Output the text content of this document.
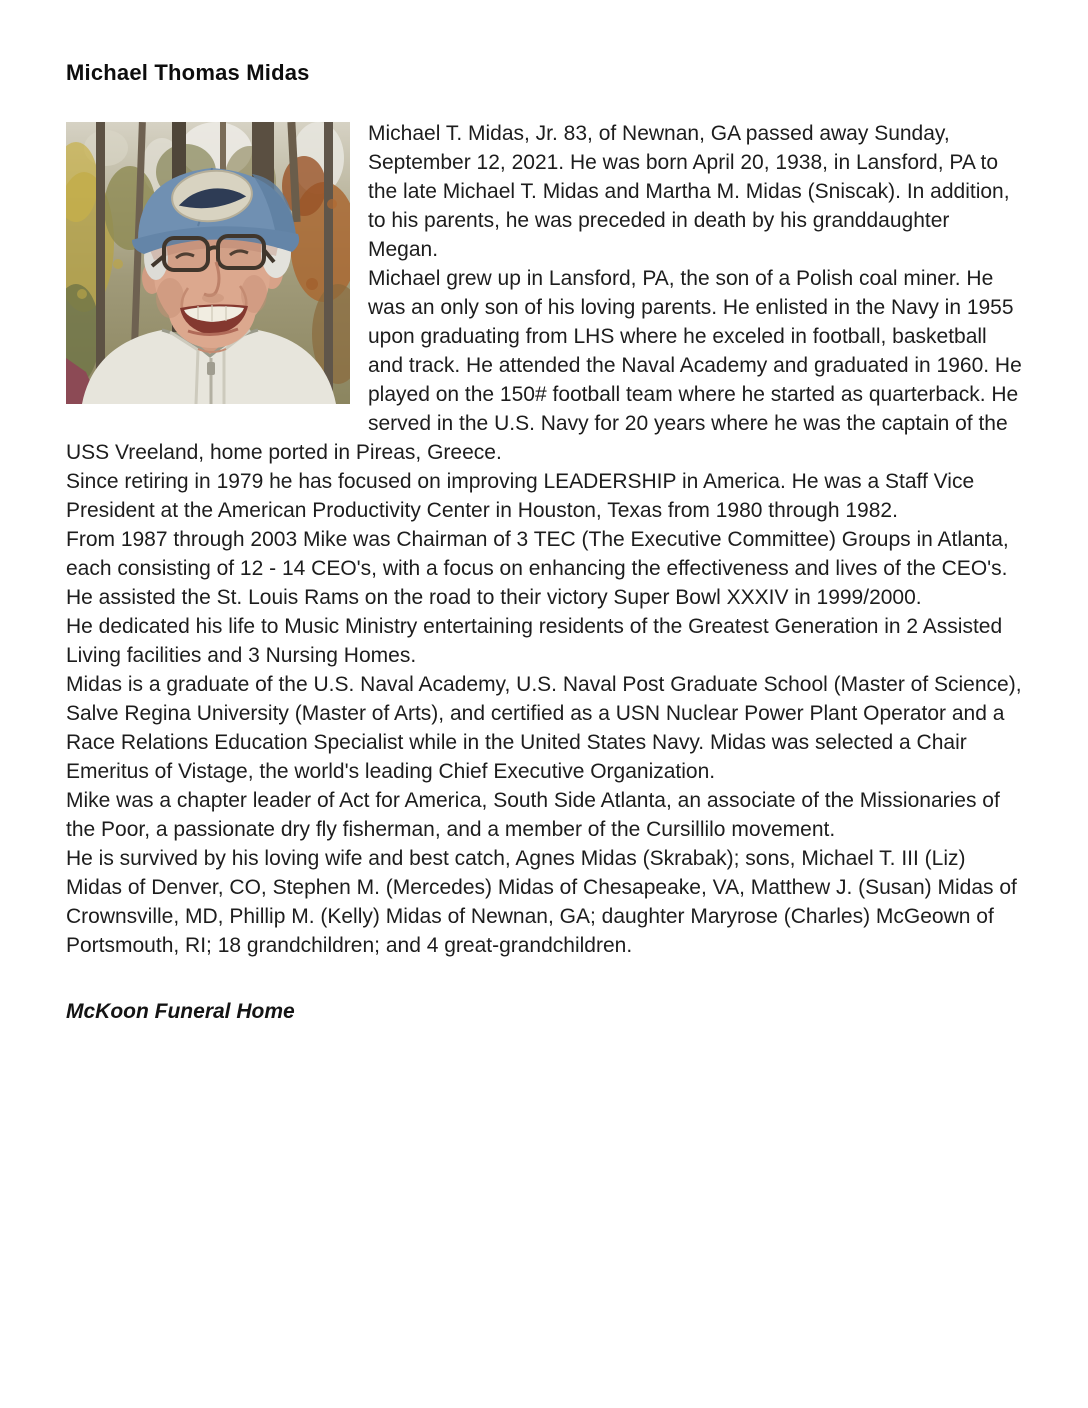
Michael Thomas Midas

Michael T. Midas, Jr. 83, of Newnan, GA passed away Sunday, September 12, 2021. He was born April 20, 1938, in Lansford, PA to the late Michael T. Midas and Martha M. Midas (Sniscak). In addition, to his parents, he was preceded in death by his granddaughter Megan.

Michael grew up in Lansford, PA, the son of a Polish coal miner. He was an only son of his loving parents. He enlisted in the Navy in 1955 upon graduating from LHS where he exceled in football, basketball and track. He attended the Naval Academy and graduated in 1960. He played on the 150# football team where he started as quarterback. He served in the U.S. Navy for 20 years where he was the captain of the USS Vreeland, home ported in Pireas, Greece.

Since retiring in 1979 he has focused on improving LEADERSHIP in America. He was a Staff Vice President at the American Productivity Center in Houston, Texas from 1980 through 1982.

From 1987 through 2003 Mike was Chairman of 3 TEC (The Executive Committee) Groups in Atlanta, each consisting of 12 - 14 CEO's, with a focus on enhancing the effectiveness and lives of the CEO's.

He assisted the St. Louis Rams on the road to their victory Super Bowl XXXIV in 1999/2000.

He dedicated his life to Music Ministry entertaining residents of the Greatest Generation in 2 Assisted Living facilities and 3 Nursing Homes.

Midas is a graduate of the U.S. Naval Academy, U.S. Naval Post Graduate School (Master of Science), Salve Regina University (Master of Arts), and certified as a USN Nuclear Power Plant Operator and a Race Relations Education Specialist while in the United States Navy. Midas was selected a Chair Emeritus of Vistage, the world's leading Chief Executive Organization.

Mike was a chapter leader of Act for America, South Side Atlanta, an associate of the Missionaries of the Poor, a passionate dry fly fisherman, and a member of the Cursillilo movement.

He is survived by his loving wife and best catch, Agnes Midas (Skrabak); sons, Michael T. III (Liz) Midas of Denver, CO, Stephen M. (Mercedes) Midas of Chesapeake, VA, Matthew J. (Susan) Midas of Crownsville, MD, Phillip M. (Kelly) Midas of Newnan, GA; daughter Maryrose (Charles) McGeown of Portsmouth, RI; 18 grandchildren; and 4 great-grandchildren.

McKoon Funeral Home
